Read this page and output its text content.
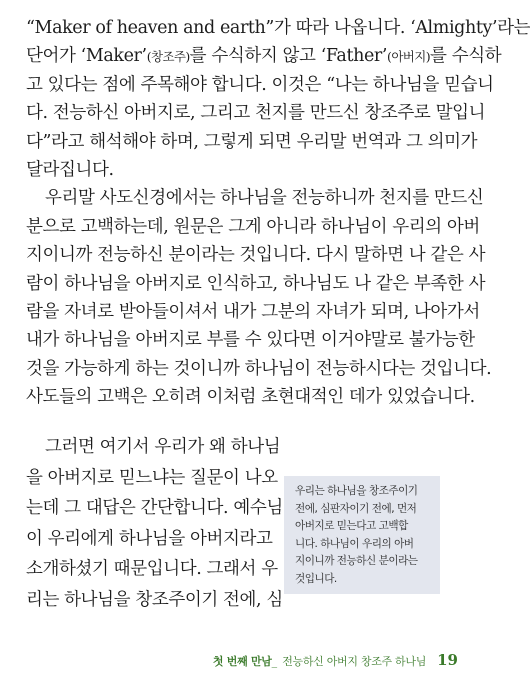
“Maker of heaven and earth”가 따라 나옵니다. ‘Almighty’라는
단어가 ‘Maker’(창조주)를 수식하지 않고 ‘Father’(아버지)를 수식하
고 있다는 점에 주목해야 합니다. 이것은 “나는 하나님을 믿습니
다. 전능하신 아버지로, 그리고 천지를 만드신 창조주로 말입니
다”라고 해석해야 하며, 그렇게 되면 우리말 번역과 그 의미가
달라집니다.
우리말 사도신경에서는 하나님을 전능하니까 천지를 만드신
분으로 고백하는데, 원문은 그게 아니라 하나님이 우리의 아버
지이니까 전능하신 분이라는 것입니다. 다시 말하면 나 같은 사
람이 하나님을 아버지로 인식하고, 하나님도 나 같은 부족한 사
람을 자녀로 받아들이셔서 내가 그분의 자녀가 되며, 나아가서
내가 하나님을 아버지로 부를 수 있다면 이거야말로 불가능한
것을 가능하게 하는 것이니까 하나님이 전능하시다는 것입니다.
사도들의 고백은 오히려 이처럼 초현대적인 데가 있었습니다.
그러면 여기서 우리가 왜 하나님
을 아버지로 믿느냐는 질문이 나오
는데 그 대답은 간단합니다. 예수님
이 우리에게 하나님을 아버지라고
소개하셨기 때문입니다. 그래서 우
리는 하나님을 창조주이기 전에, 심
우리는 하나님을 창조주이기
전에, 심판자이기 전에, 먼저
아버지로 믿는다고 고백합
니다. 하나님이 우리의 아버
지이니까 전능하신 분이라는
것입니다.
첫 번째 만남_ 전능하신 아버지 창조주 하나님 19
